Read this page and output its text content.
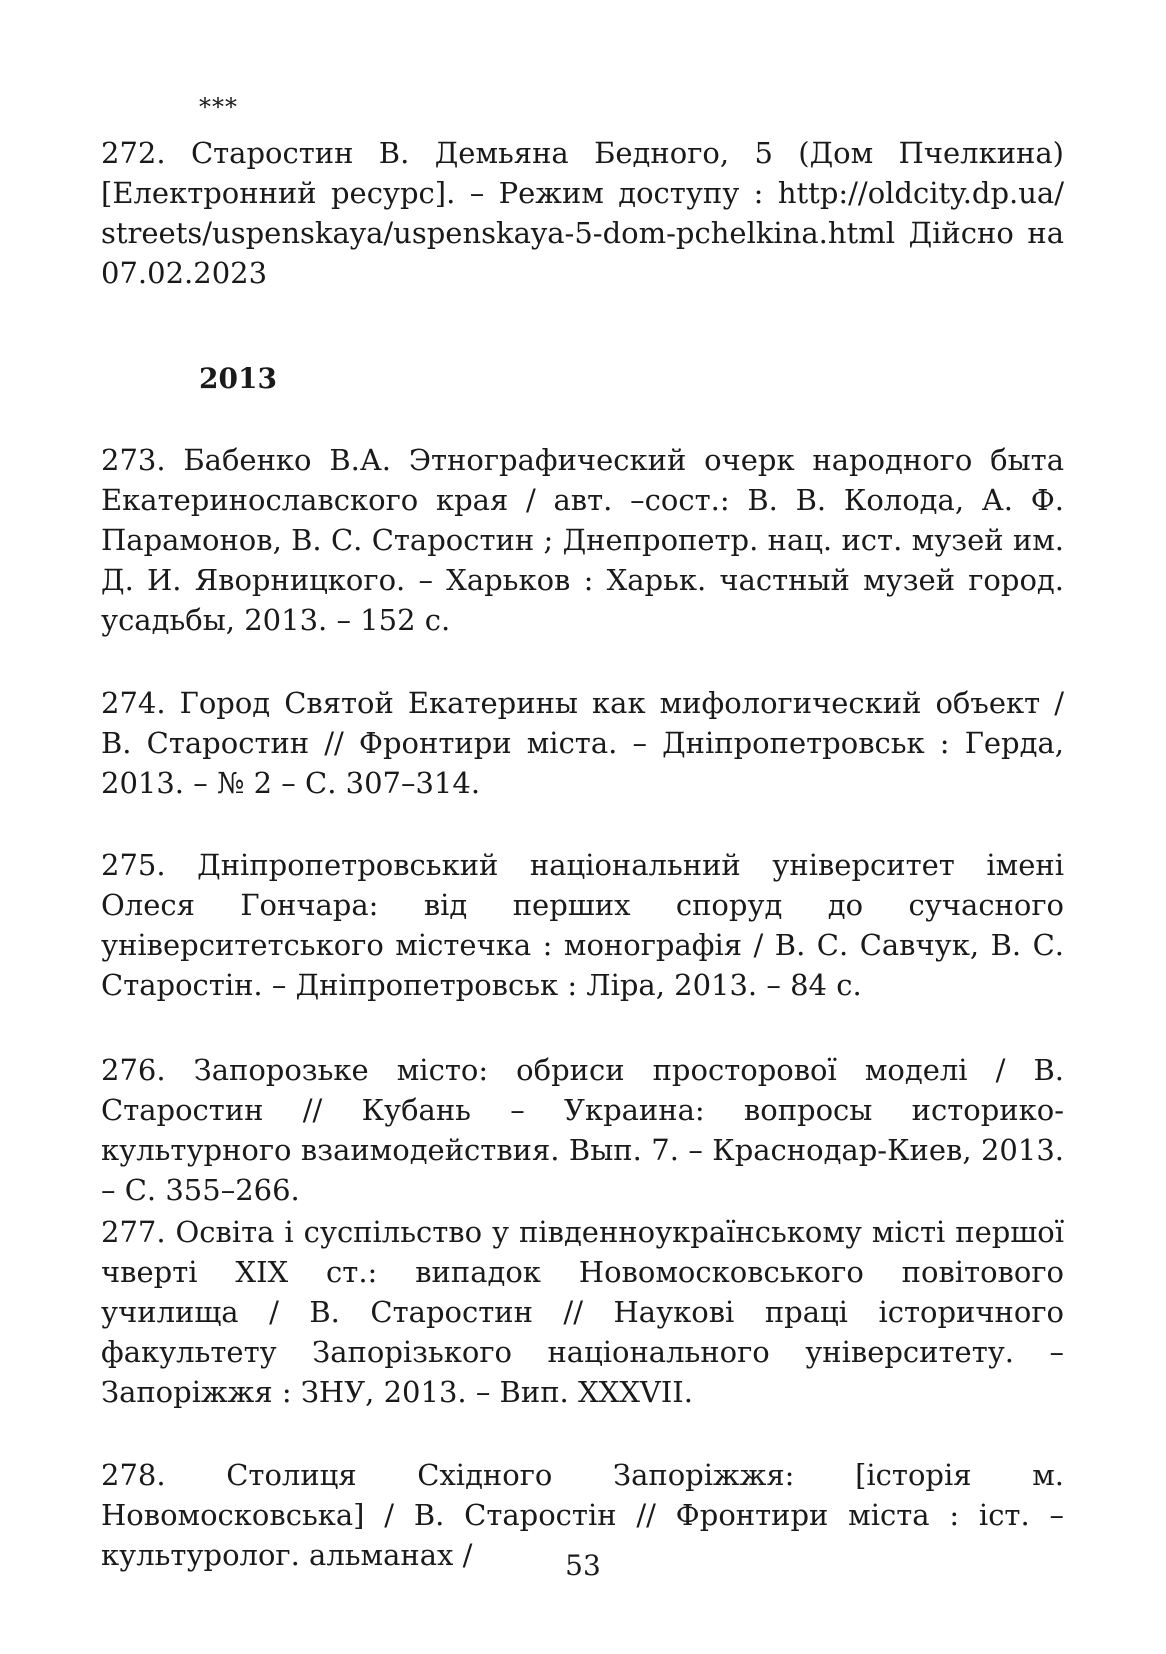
***

272. Старостин В. Демьяна Бедного, 5 (Дом Пчелкина) [Електронний ресурс]. – Режим доступу : http://oldcity.dp.ua/ streets/uspenskaya/uspenskaya-5-dom-pchelkina.html Дійсно на 07.02.2023

2013

273. Бабенко В.А. Этнографический очерк народного быта Екатеринославского края / авт. –сост.: В. В. Колода, А. Ф. Парамонов, В. С. Старостин ; Днепропетр. нац. ист. музей им. Д. И. Яворницкого. – Харьков : Харьк. частный музей город. усадьбы, 2013. – 152 с.

274. Город Святой Екатерины как мифологический объект / В. Старостин // Фронтири міста. – Дніпропетровськ : Герда, 2013. – № 2 – С. 307–314.

275. Дніпропетровський національний університет імені Олеся Гончара: від перших споруд до сучасного університетського містечка : монографія / В. С. Савчук, В. С. Старостін. – Дніпропетровськ : Ліра, 2013. – 84 с.

276. Запорозьке місто: обриси просторової моделі / В. Старостин // Кубань – Украина: вопросы историко-культурного взаимодействия. Вып. 7. – Краснодар-Киев, 2013. – С. 355–266.

277. Освіта і суспільство у південноукраїнському місті першої чверті ХІХ ст.: випадок Новомосковського повітового училища / В. Старостин // Наукові праці історичного факультету Запорізького національного університету. – Запоріжжя : ЗНУ, 2013. – Вип. XXXVII.

278. Столиця Східного Запоріжжя: [історія м. Новомосковська] / В. Старостін // Фронтири міста : іст. –культуролог. альманах /	53
